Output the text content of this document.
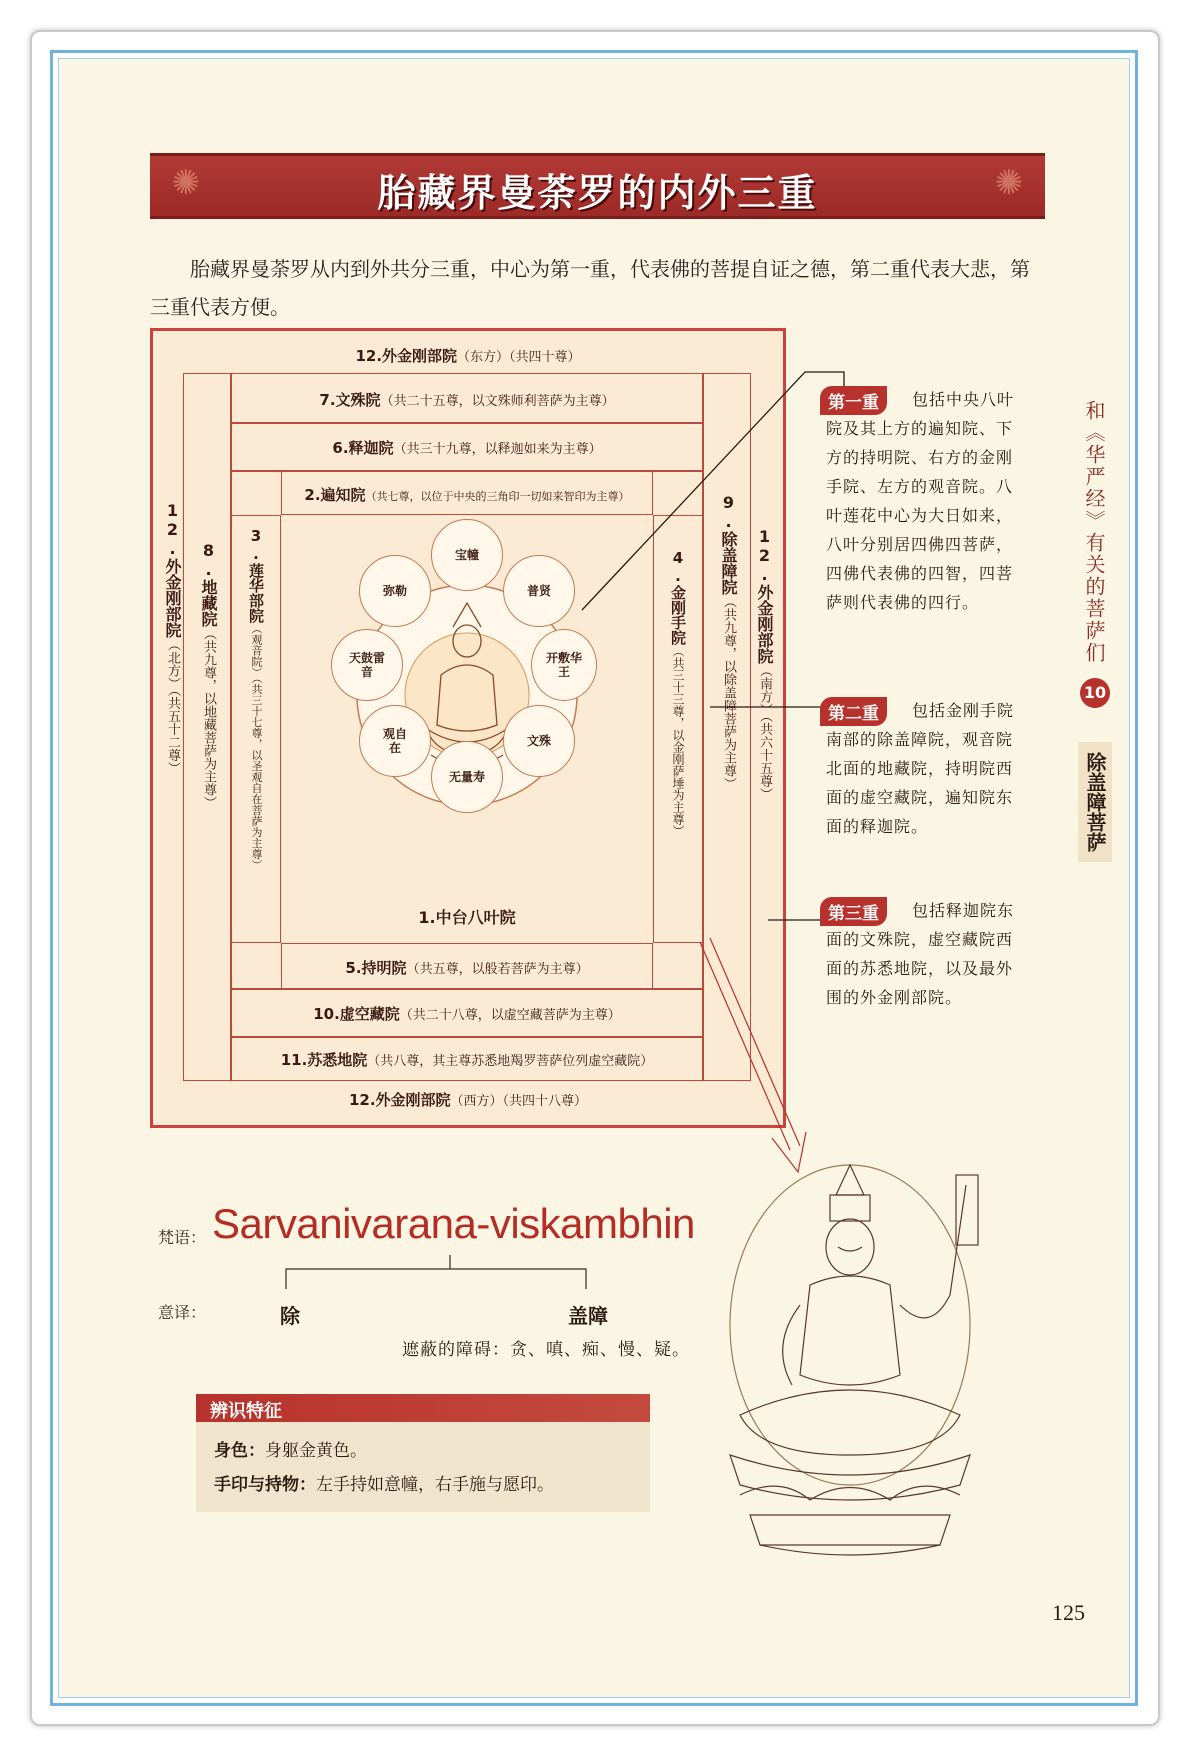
✺	✺
胎藏界曼荼罗的内外三重
胎藏界曼荼罗从内到外共分三重，中心为第一重，代表佛的菩提自证之德，第二重代表大悲，第三重代表方便。
12.外金刚部院（东方）（共四十尊）
12.外金刚部院（西方）（共四十八尊）
12.外金刚部院（北方）（共五十二尊）
12.外金刚部院（南方）（共六十五尊）
7.文殊院（共二十五尊，以文殊师利菩萨为主尊）
6.释迦院（共三十九尊，以释迦如来为主尊）
10.虚空藏院（共二十八尊，以虚空藏菩萨为主尊）
11.苏悉地院（共八尊，其主尊苏悉地羯罗菩萨位列虚空藏院）
8.地藏院（共九尊，以地藏菩萨为主尊）
9.除盖障院（共九尊，以除盖障菩萨为主尊）
2.遍知院（共七尊，以位于中央的三角印一切如来智印为主尊）
5.持明院（共五尊，以般若菩萨为主尊）
3.莲华部院（观音院）（共三十七尊，以圣观自在菩萨为主尊）
4.金刚手院（共三十三尊，以金刚萨埵为主尊）
宝幢
普贤
开敷华王
文殊
无量寿
观自在
天鼓雷音
弥勒
1.中台八叶院
第一重	包括中央八叶院及其上方的遍知院、下方的持明院、右方的金刚手院、左方的观音院。八叶莲花中心为大日如来，八叶分别居四佛四菩萨，四佛代表佛的四智，四菩萨则代表佛的四行。
第二重	包括金刚手院南部的除盖障院，观音院北面的地藏院，持明院西面的虚空藏院，遍知院东面的释迦院。
第三重	包括释迦院东面的文殊院，虚空藏院西面的苏悉地院，以及最外围的外金刚部院。
和《华严经》有关的菩萨们
10
除盖障菩萨
梵语： Sarvanivarana-viskambhin
意译：	除	盖障
遮蔽的障碍：贪、嗔、痴、慢、疑。
辨识特征
身色：身躯金黄色。
手印与持物：左手持如意幢，右手施与愿印。
125
